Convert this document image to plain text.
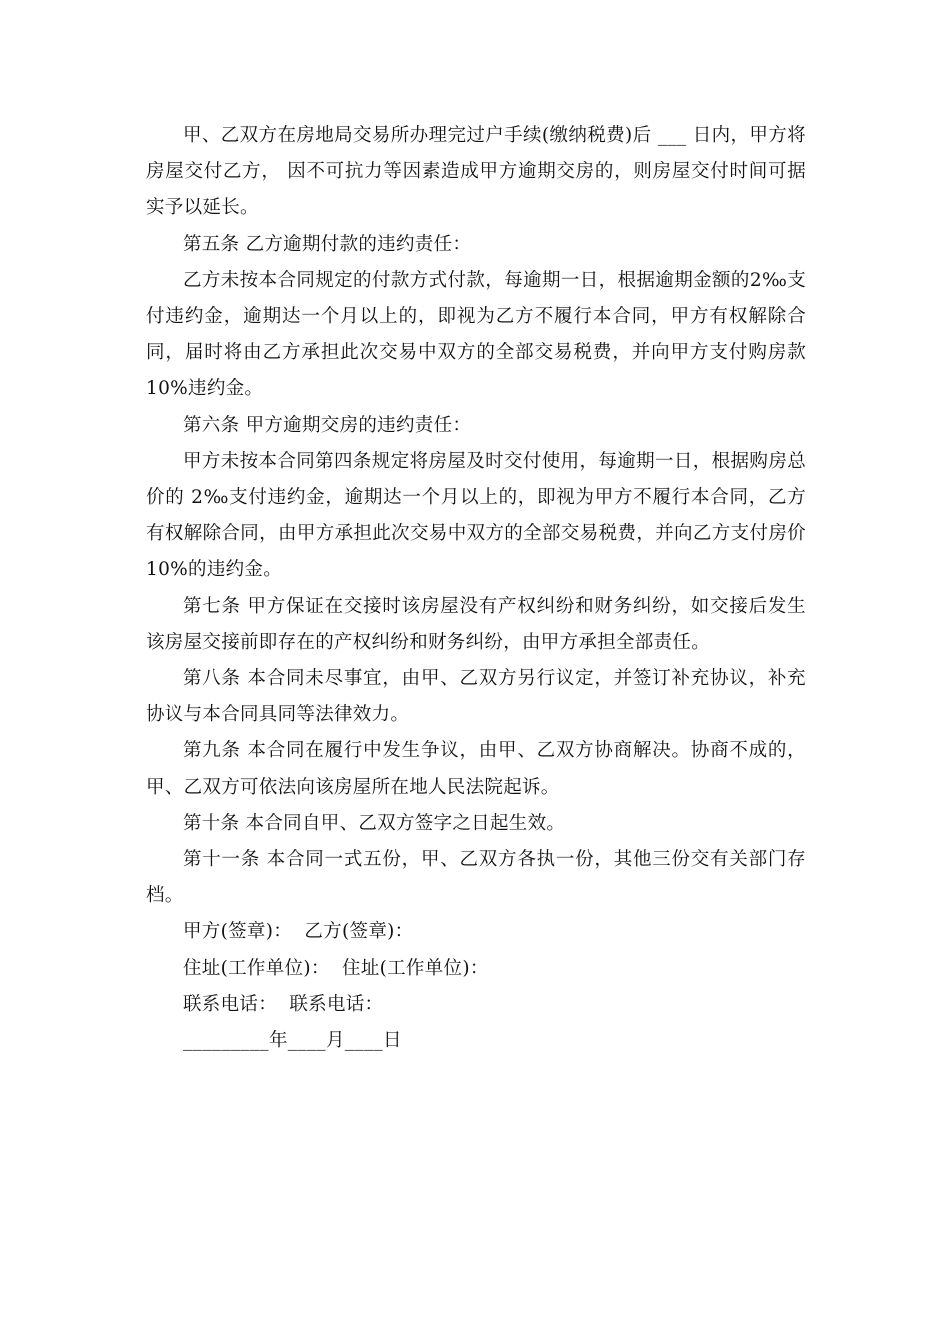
甲、乙双方在房地局交易所办理完过户手续(缴纳税费)后 ___ 日内，甲方将房屋交付乙方， 因不可抗力等因素造成甲方逾期交房的，则房屋交付时间可据实予以延长。

第五条 乙方逾期付款的违约责任：

乙方未按本合同规定的付款方式付款，每逾期一日，根据逾期金额的2‰支付违约金，逾期达一个月以上的，即视为乙方不履行本合同，甲方有权解除合同，届时将由乙方承担此次交易中双方的全部交易税费，并向甲方支付购房款 10%违约金。

第六条 甲方逾期交房的违约责任：

甲方未按本合同第四条规定将房屋及时交付使用，每逾期一日，根据购房总价的 2‰支付违约金，逾期达一个月以上的，即视为甲方不履行本合同，乙方有权解除合同，由甲方承担此次交易中双方的全部交易税费，并向乙方支付房价 10%的违约金。

第七条 甲方保证在交接时该房屋没有产权纠纷和财务纠纷，如交接后发生该房屋交接前即存在的产权纠纷和财务纠纷，由甲方承担全部责任。

第八条 本合同未尽事宜，由甲、乙双方另行议定，并签订补充协议，补充协议与本合同具同等法律效力。

第九条 本合同在履行中发生争议，由甲、乙双方协商解决。协商不成的，甲、乙双方可依法向该房屋所在地人民法院起诉。

第十条 本合同自甲、乙双方签字之日起生效。

第十一条 本合同一式五份，甲、乙双方各执一份，其他三份交有关部门存档。

甲方(签章)：  乙方(签章)：

住址(工作单位)：  住址(工作单位)：

联系电话：  联系电话：

_________年____月____日
